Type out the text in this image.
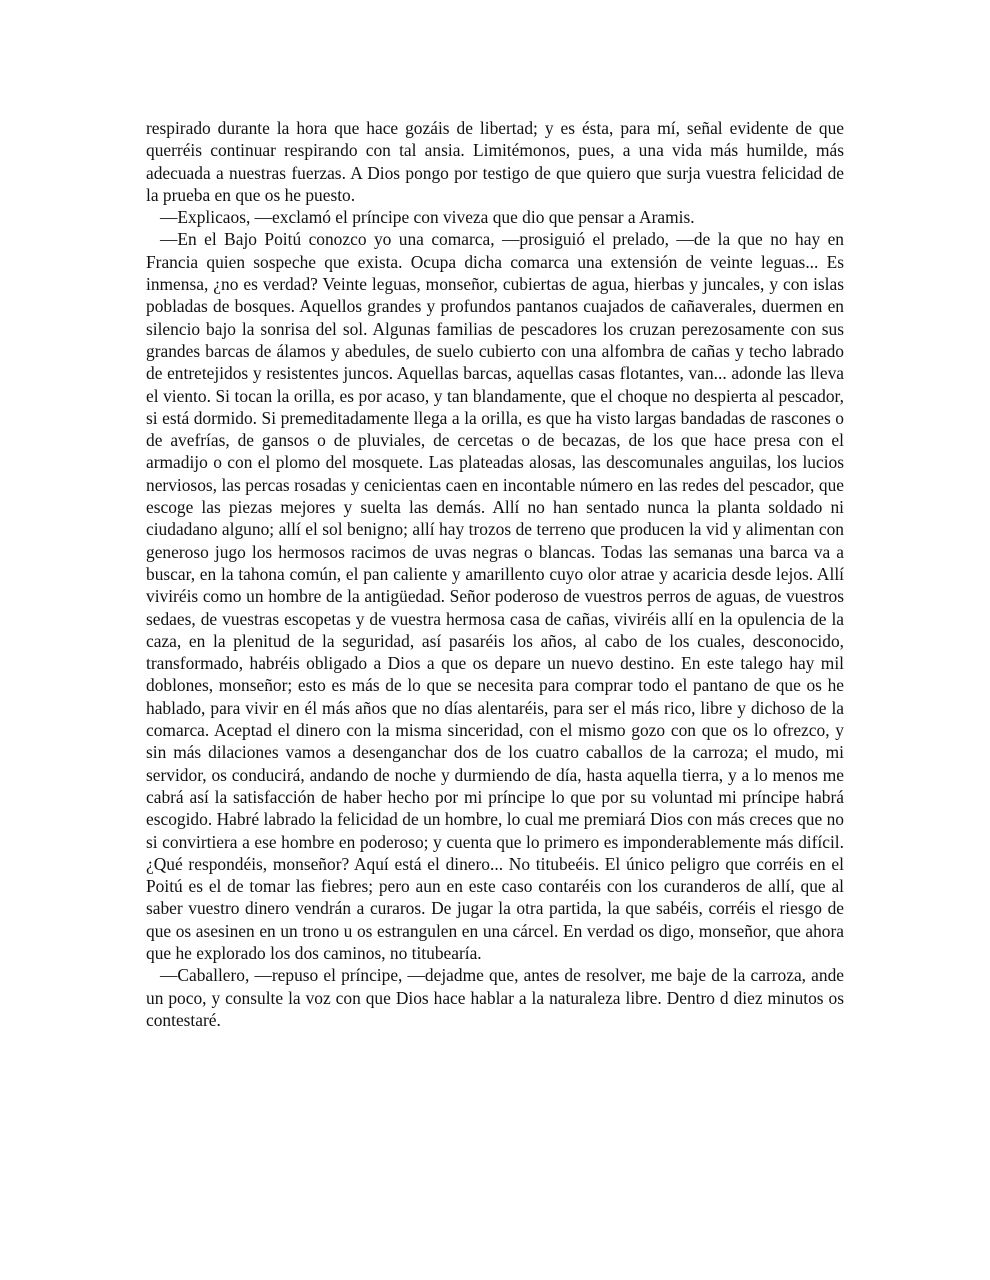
respirado durante la hora que hace gozáis de libertad; y es ésta, para mí, señal evidente de que querréis continuar respirando con tal ansia. Limitémonos, pues, a una vida más humilde, más adecuada a nuestras fuerzas. A Dios pongo por testigo de que quiero que surja vuestra felicidad de la prueba en que os he puesto.

—Explicaos, —exclamó el príncipe con viveza que dio que pensar a Aramis.

—En el Bajo Poitú conozco yo una comarca, —prosiguió el prelado, —de la que no hay en Francia quien sospeche que exista. Ocupa dicha comarca una extensión de veinte leguas... Es inmensa, ¿no es verdad? Veinte leguas, monseñor, cubiertas de agua, hierbas y juncales, y con islas pobladas de bosques. Aquellos grandes y profundos pantanos cuajados de cañaverales, duermen en silencio bajo la sonrisa del sol. Algunas familias de pescadores los cruzan perezosamente con sus grandes barcas de álamos y abedules, de suelo cubierto con una alfombra de cañas y techo labrado de entretejidos y resistentes juncos. Aquellas barcas, aquellas casas flotantes, van... adonde las lleva el viento. Si tocan la orilla, es por acaso, y tan blandamente, que el choque no despierta al pescador, si está dormido. Si premeditadamente llega a la orilla, es que ha visto largas bandadas de rascones o de avefrías, de gansos o de pluviales, de cercetas o de becazas, de los que hace presa con el armadijo o con el plomo del mosquete. Las plateadas alosas, las descomunales anguilas, los lucios nerviosos, las percas rosadas y cenicientas caen en incontable número en las redes del pescador, que escoge las piezas mejores y suelta las demás. Allí no han sentado nunca la planta soldado ni ciudadano alguno; allí el sol benigno; allí hay trozos de terreno que producen la vid y alimentan con generoso jugo los hermosos racimos de uvas negras o blancas. Todas las semanas una barca va a buscar, en la tahona común, el pan caliente y amarillento cuyo olor atrae y acaricia desde lejos. Allí viviréis como un hombre de la antigüedad. Señor poderoso de vuestros perros de aguas, de vuestros sedaes, de vuestras escopetas y de vuestra hermosa casa de cañas, viviréis allí en la opulencia de la caza, en la plenitud de la seguridad, así pasaréis los años, al cabo de los cuales, desconocido, transformado, habréis obligado a Dios a que os depare un nuevo destino. En este talego hay mil doblones, monseñor; esto es más de lo que se necesita para comprar todo el pantano de que os he hablado, para vivir en él más años que no días alentaréis, para ser el más rico, libre y dichoso de la comarca. Aceptad el dinero con la misma sinceridad, con el mismo gozo con que os lo ofrezco, y sin más dilaciones vamos a desenganchar dos de los cuatro caballos de la carroza; el mudo, mi servidor, os conducirá, andando de noche y durmiendo de día, hasta aquella tierra, y a lo menos me cabrá así la satisfacción de haber hecho por mi príncipe lo que por su voluntad mi príncipe habrá escogido. Habré labrado la felicidad de un hombre, lo cual me premiará Dios con más creces que no si convirtiera a ese hombre en poderoso; y cuenta que lo primero es imponderablemente más difícil. ¿Qué respondéis, monseñor? Aquí está el dinero... No titubeéis. El único peligro que corréis en el Poitú es el de tomar las fiebres; pero aun en este caso contaréis con los curanderos de allí, que al saber vuestro dinero vendrán a curaros. De jugar la otra partida, la que sabéis, corréis el riesgo de que os asesinen en un trono u os estrangulen en una cárcel. En verdad os digo, monseñor, que ahora que he explorado los dos caminos, no titubearía.

—Caballero, —repuso el príncipe, —dejadme que, antes de resolver, me baje de la carroza, ande un poco, y consulte la voz con que Dios hace hablar a la naturaleza libre. Dentro d diez minutos os contestaré.
